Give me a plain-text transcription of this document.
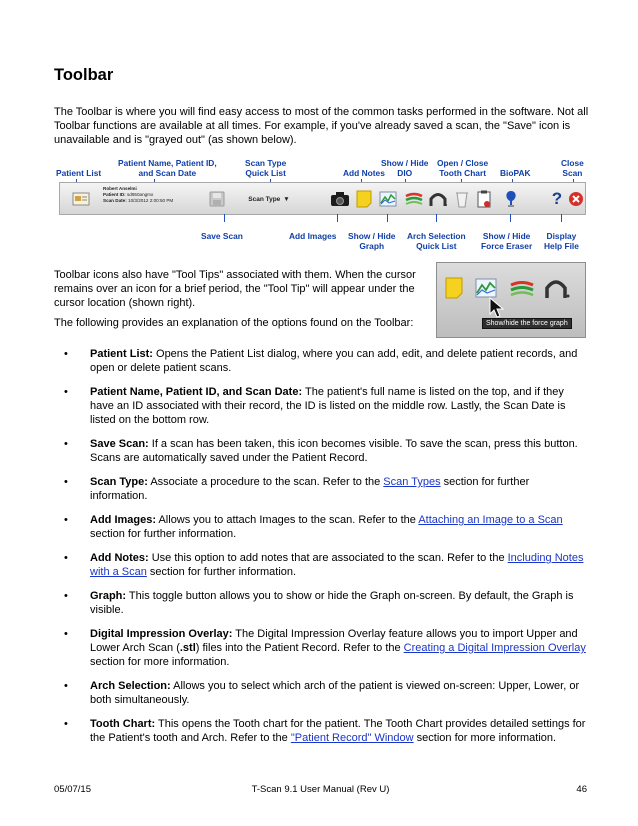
Toolbar

The Toolbar is where you will find easy access to most of the common tasks performed in the software. Not all Toolbar functions are available at all times. For example, if you've already saved a scan, the "Save" icon is unavailable and is "grayed out" (as shown below).

Patient List
Patient Name, Patient ID,
and Scan Date
Scan Type
Quick List	Add Notes
Show / Hide
DIO
Open / Close
Tooth Chart BioPAK
Close
Scan
Robert Anselmi
Patient ID: sd950angmx
Scan Date: 10/3/2012 2:00:50 PM	Scan Type ▼	?
Save Scan	Add Images Show / Hide
Graph
Arch Selection
Quick List
Show / Hide
Force Eraser
Display
Help File
Show/hide the force graph

Toolbar icons also have "Tool Tips" associated with them. When the cursor remains over an icon for a brief period, the "Tool Tip" will appear under the cursor location (shown right).

The following provides an explanation of the options found on the Toolbar:

• Patient List: Opens the Patient List dialog, where you can add, edit, and delete patient records, and open or delete patient scans.
• Patient Name, Patient ID, and Scan Date: The patient's full name is listed on the top, and if they have an ID associated with their record, the ID is listed on the middle row. Lastly, the Scan Date is listed on the bottom row.
• Save Scan: If a scan has been taken, this icon becomes visible. To save the scan, press this button. Scans are automatically saved under the Patient Record.
• Scan Type: Associate a procedure to the scan. Refer to the Scan Types section for further information.
• Add Images: Allows you to attach Images to the scan. Refer to the Attaching an Image to a Scan section for further information.
• Add Notes: Use this option to add notes that are associated to the scan. Refer to the Including Notes with a Scan section for further information.
• Graph: This toggle button allows you to show or hide the Graph on-screen. By default, the Graph is visible.
• Digital Impression Overlay: The Digital Impression Overlay feature allows you to import Upper and Lower Arch Scan (.stl) files into the Patient Record. Refer to the Creating a Digital Impression Overlay section for more information.
• Arch Selection: Allows you to select which arch of the patient is viewed on-screen: Upper, Lower, or both simultaneously.
• Tooth Chart: This opens the Tooth chart for the patient. The Tooth Chart provides detailed settings for the Patient's tooth and Arch. Refer to the "Patient Record" Window section for more information.
05/07/15	T-Scan 9.1 User Manual (Rev U)	46
